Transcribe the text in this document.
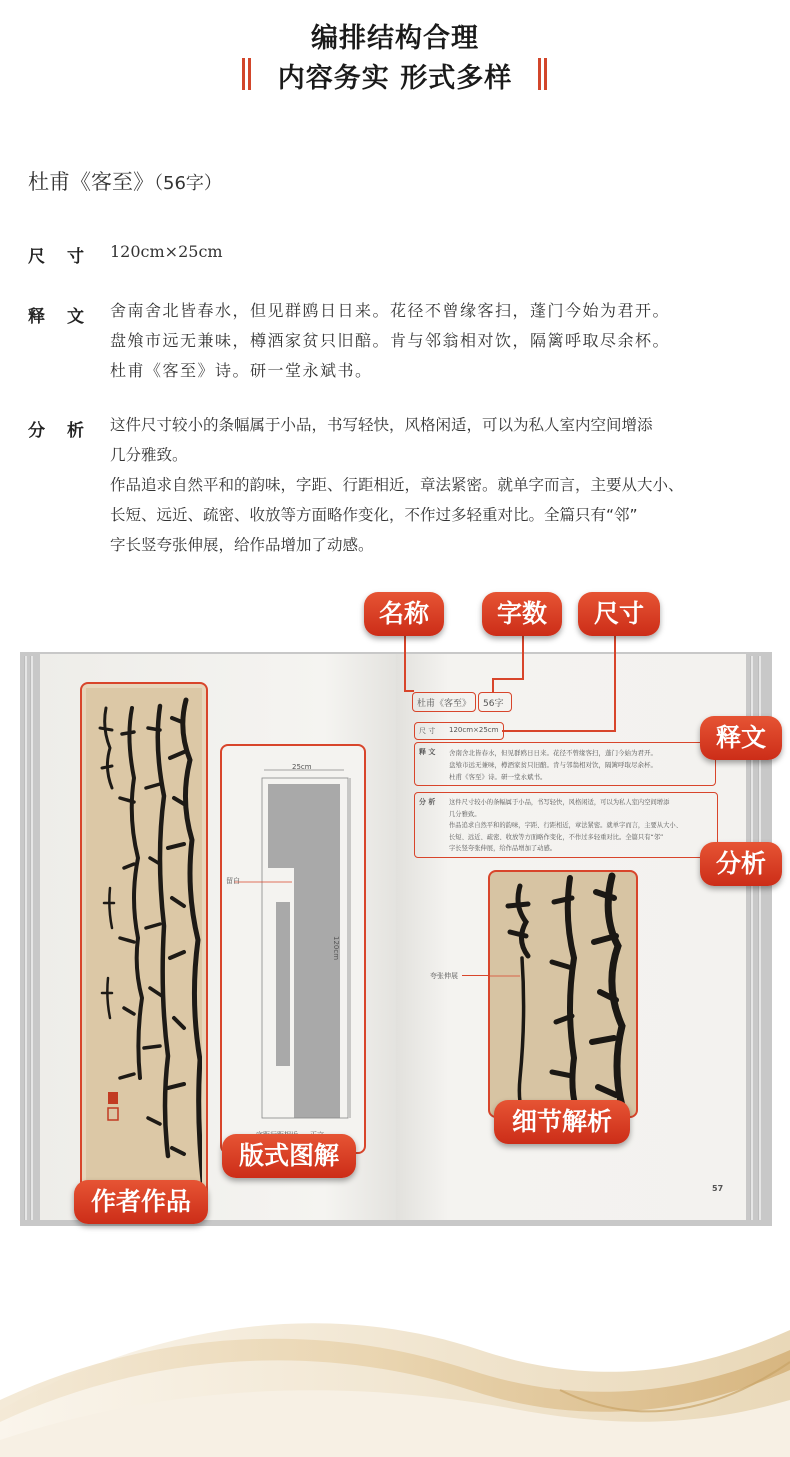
编排结构合理
内容务实 形式多样
杜甫《客至》（56字）
尺寸 120cm×25cm
释文 舍南舍北皆春水，但见群鸥日日来。花径不曾缘客扫，蓬门今始为君开。

盘飧市远无兼味，樽酒家贫只旧醅。肯与邻翁相对饮，隔篱呼取尽余杯。

杜甫《客至》诗。研一堂永斌书。

分析 这件尺寸较小的条幅属于小品，书写轻快，风格闲适，可以为私人室内空间增添

几分雅致。

作品追求自然平和的韵味，字距、行距相近，章法紧密。就单字而言，主要从大小、

长短、远近、疏密、收放等方面略作变化，不作过多轻重对比。全篇只有“邻”

字长竖夸张伸展，给作品增加了动感。

25cm
120cm
留白
杜甫《客至》 56字
尺 寸 120cm×25cm
释 文 舍南舍北皆春水，但见群鸥日日来。花径不曾缘客扫，蓬门今始为君开。
盘飧市远无兼味，樽酒家贫只旧醅。肯与邻翁相对饮，隔篱呼取尽余杯。
杜甫《客至》诗。研一堂永斌书。
分 析 这件尺寸较小的条幅属于小品，书写轻快，风格闲适，可以为私人室内空间增添
几分雅致。
作品追求自然平和的韵味，字距、行距相近，章法紧密。就单字而言，主要从大小、
长短、远近、疏密、收放等方面略作变化，不作过多轻重对比。全篇只有“邻”
字长竖夸张伸展，给作品增加了动感。
夸张伸展
57
名称	字数	尺寸
释文
分析
细节解析
版式图解
作者作品
